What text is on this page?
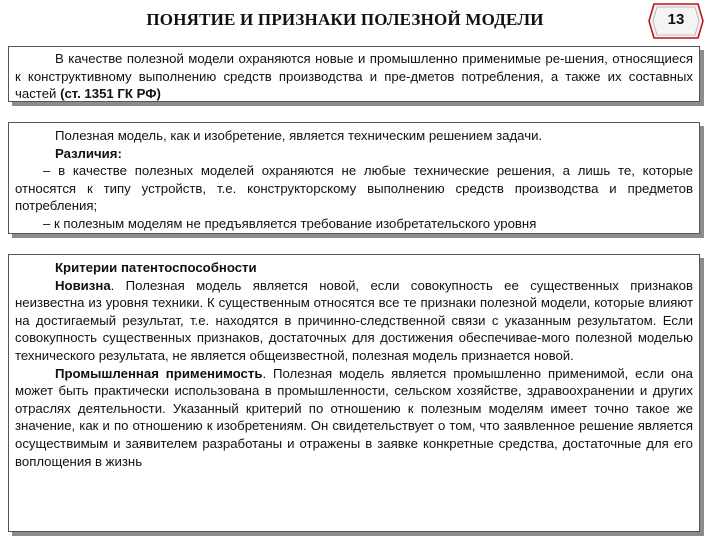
ПОНЯТИЕ И ПРИЗНАКИ ПОЛЕЗНОЙ МОДЕЛИ	13

В качестве полезной модели охраняются новые и промышленно применимые ре-шения, относящиеся к конструктивному выполнению средств производства и пре-дметов потребления, а также их составных частей (ст. 1351 ГК РФ)

Полезная модель, как и изобретение, является техническим решением задачи.

Различия:

– в качестве полезных моделей охраняются не любые технические решения, а лишь те, которые относятся к типу устройств, т.е. конструкторскому выполнению средств производства и предметов потребления;

– к полезным моделям не предъявляется требование изобретательского уровня

Критерии патентоспособности

Новизна. Полезная модель является новой, если совокупность ее существенных признаков неизвестна из уровня техники. К существенным относятся все те признаки полезной модели, которые влияют на достигаемый результат, т.е. находятся в причинно-следственной связи с указанным результатом. Если совокупность существенных признаков, достаточных для достижения обеспечивае-мого полезной моделью технического результата, не является общеизвестной, полезная модель признается новой.

Промышленная применимость. Полезная модель является промышленно применимой, если она может быть практически использована в промышленности, сельском хозяйстве, здравоохранении и других отраслях деятельности. Указанный критерий по отношению к полезным моделям имеет точно такое же значение, как и по отношению к изобретениям. Он свидетельствует о том, что заявленное решение является осуществимым и заявителем разработаны и отражены в заявке конкретные средства, достаточные для его воплощения в жизнь
